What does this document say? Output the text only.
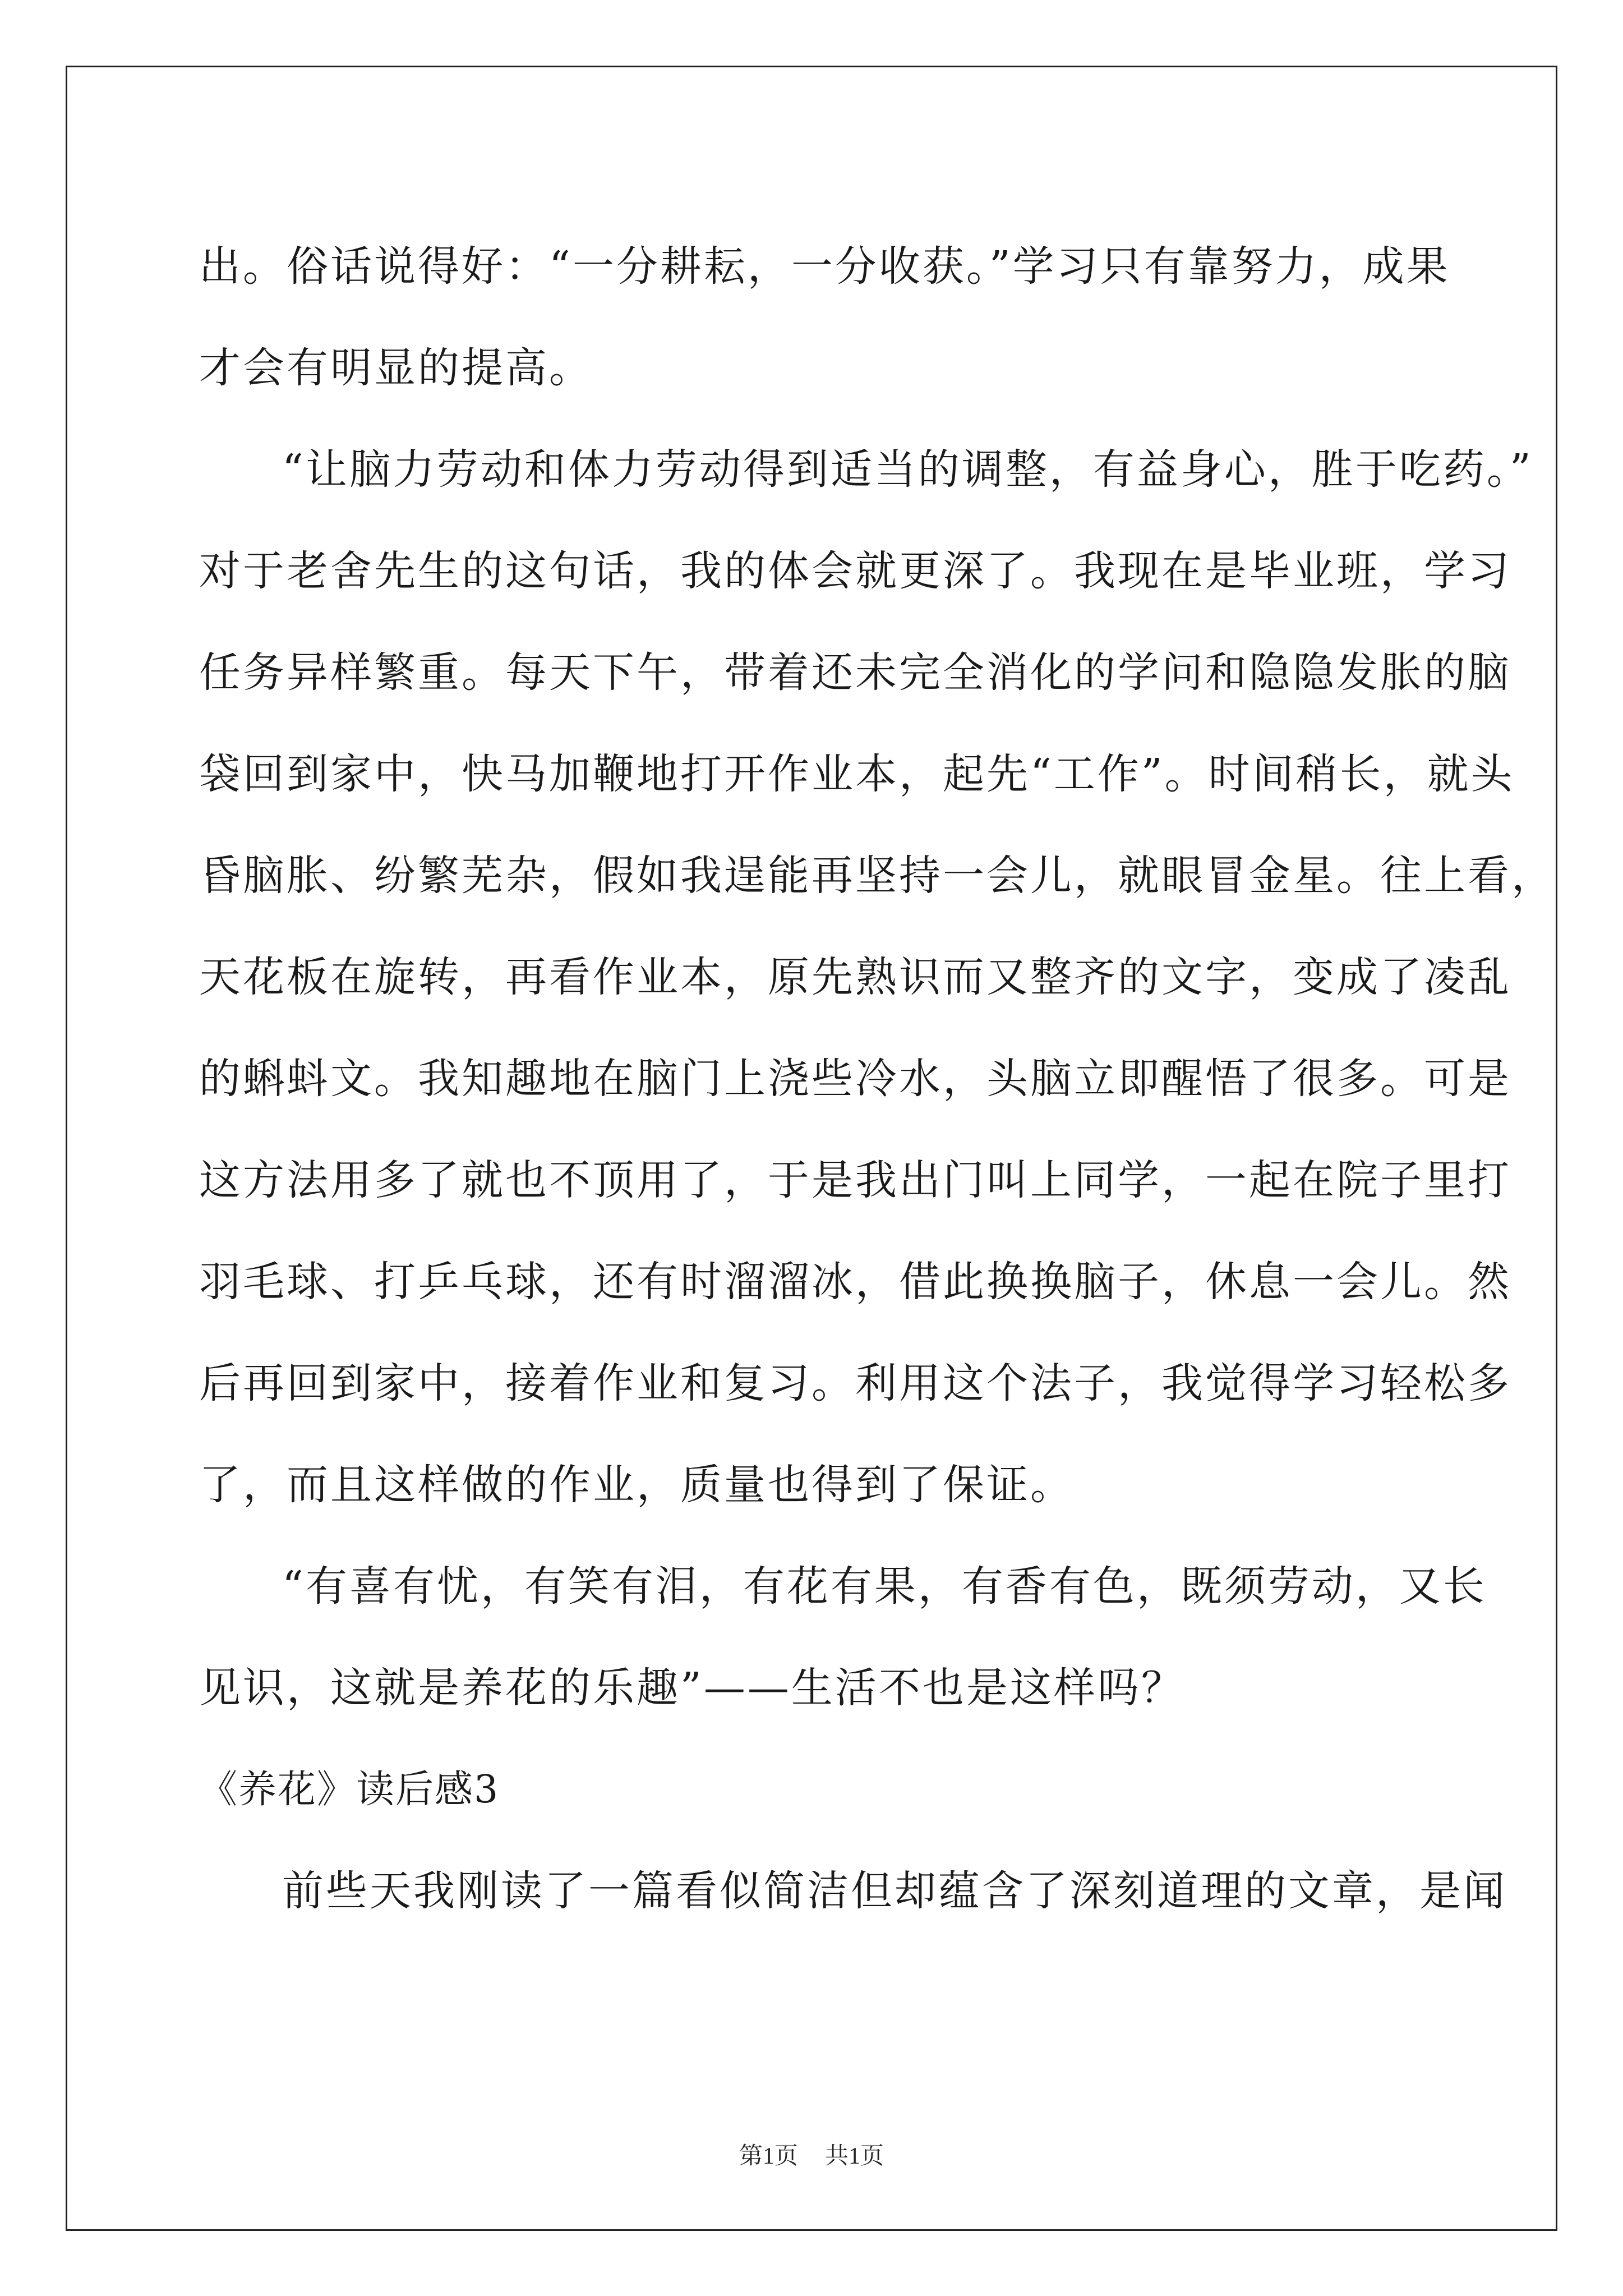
出。俗话说得好：“一分耕耘，一分收获。”学习只有靠努力，成果
才会有明显的提高。
“让脑力劳动和体力劳动得到适当的调整，有益身心，胜于吃药。”
对于老舍先生的这句话，我的体会就更深了。我现在是毕业班，学习
任务异样繁重。每天下午，带着还未完全消化的学问和隐隐发胀的脑
袋回到家中，快马加鞭地打开作业本，起先“工作”。时间稍长，就头
昏脑胀、纷繁芜杂，假如我逞能再坚持一会儿，就眼冒金星。往上看，
天花板在旋转，再看作业本，原先熟识而又整齐的文字，变成了凌乱
的蝌蚪文。我知趣地在脑门上浇些冷水，头脑立即醒悟了很多。可是
这方法用多了就也不顶用了，于是我出门叫上同学，一起在院子里打
羽毛球、打乒乓球，还有时溜溜冰，借此换换脑子，休息一会儿。然
后再回到家中，接着作业和复习。利用这个法子，我觉得学习轻松多
了，而且这样做的作业，质量也得到了保证。
“有喜有忧，有笑有泪，有花有果，有香有色，既须劳动，又长
见识，这就是养花的乐趣”——生活不也是这样吗？
《养花》读后感3
前些天我刚读了一篇看似简洁但却蕴含了深刻道理的文章，是闻
第1页 共1页
